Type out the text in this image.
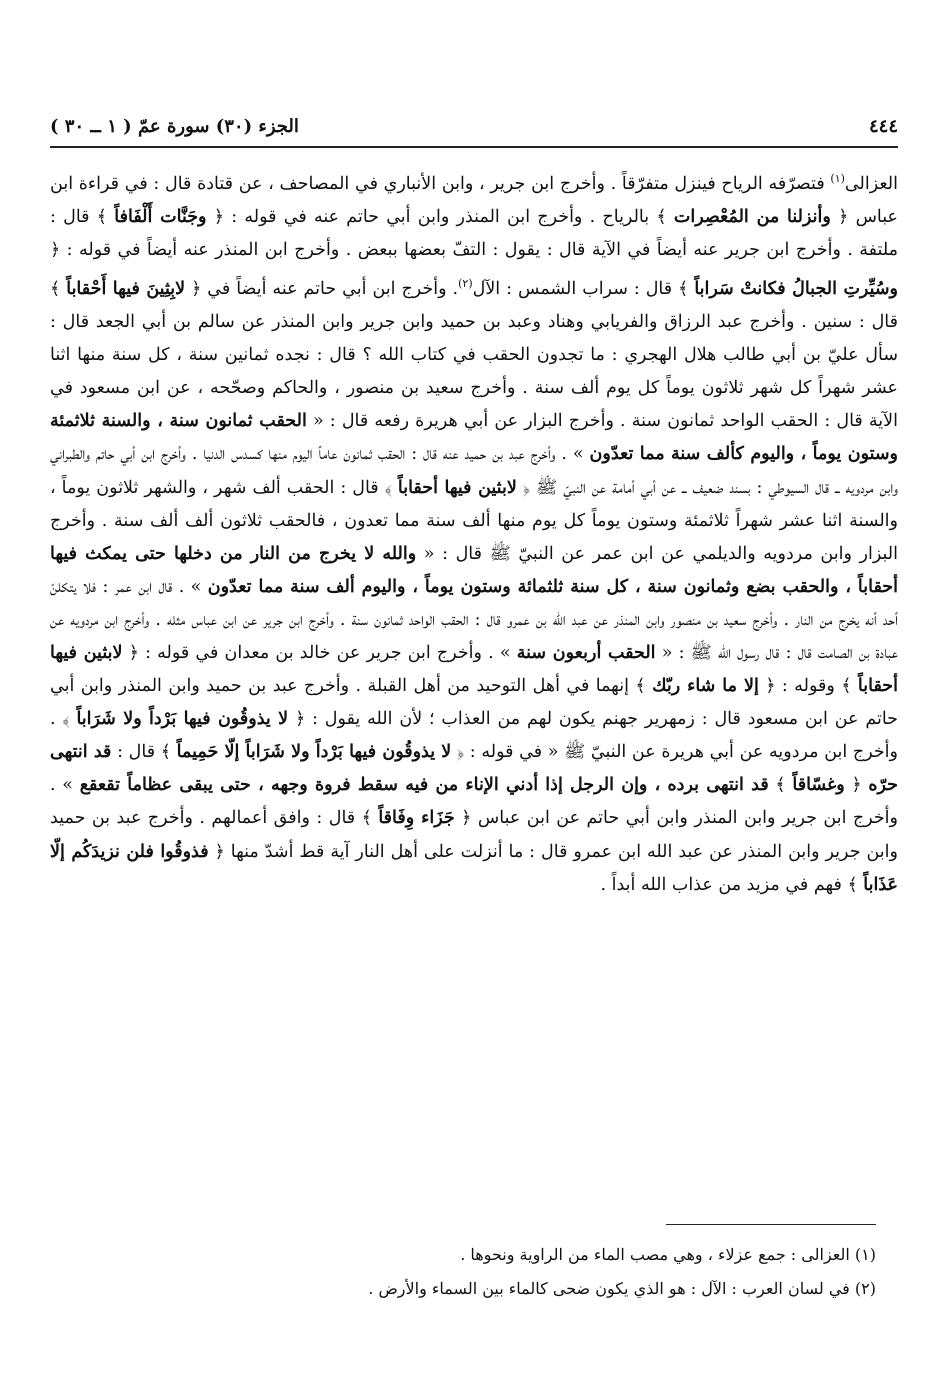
٤٤٤
الجزء (٣٠) سورة عمّ ( ١ ــ ٣٠ )
العزالى$^{(١)}$ فتصرّفه الرياح فينزل متفرّقاً . وأخرج ابن جرير ، وابن الأنباري في المصاحف ، عن قتادة قال : في قراءة ابن عباس ﴿ وأنزلنا من المُعْصِرات ﴾ بالرياح . وأخرج ابن المنذر وابن أبي حاتم عنه في قوله : ﴿ وجَنَّات أَلْفَافاً ﴾ قال : ملتفة . وأخرج ابن جرير عنه أيضاً في الآية قال : يقول : التفّ بعضها ببعض . وأخرج ابن المنذر عنه أيضاً في قوله : ﴿ وسُيِّرتِ الجبالُ فكانتْ سَراباً ﴾ قال : سراب الشمس : الآل$^{(٢)}$. وأخرج ابن أبي حاتم عنه أيضاً في ﴿ لابِثِينَ فيها أَحْقاباً ﴾ قال : سنين . وأخرج عبد الرزاق والفريابي وهناد وعبد بن حميد وابن جرير وابن المنذر عن سالم بن أبي الجعد قال : سأل عليّ بن أبي طالب هلال الهجري : ما تجدون الحقب في كتاب الله ؟ قال : نجده ثمانين سنة ، كل سنة منها اثنا عشر شهراً كل شهر ثلاثون يوماً كل يوم ألف سنة . وأخرج سعيد بن منصور ، والحاكم وصحّحه ، عن ابن مسعود في الآية قال : الحقب الواحد ثمانون سنة . وأخرج البزار عن أبي هريرة رفعه قال : « الحقب ثمانون سنة ، والسنة ثلاثمئة وستون يوماً ، واليوم كألف سنة مما تعدّون » . وأخرج عبد بن حميد عنه قال : الحقب ثمانون عاماً اليوم منها كسدس الدنيا . وأخرج ابن أبي حاتم والطبراني وابن مردويه ــ قال السيوطي : بسند ضعيف ــ عن أبي أمامة عن النبيّ ﷺ ﴿ لابثين فيها أحقاباً ﴾ قال : الحقب ألف شهر ، والشهر ثلاثون يوماً ، والسنة اثنا عشر شهراً ثلاثمئة وستون يوماً كل يوم منها ألف سنة مما تعدون ، فالحقب ثلاثون ألف ألف سنة . وأخرج البزار وابن مردويه والديلمي عن ابن عمر عن النبيّ ﷺ قال : « والله لا يخرج من النار من دخلها حتى يمكث فيها أحقاباً ، والحقب بضع وثمانون سنة ، كل سنة ثلثمائة وستون يوماً ، واليوم ألف سنة مما تعدّون » . قال ابن عمر : فلا يتكلنّ أحد أنه يخرج من النار . وأخرج سعيد بن منصور وابن المنذر عن عبد الله بن عمرو قال : الحقب الواحد ثمانون سنة . وأخرج ابن جرير عن ابن عباس مثله . وأخرج ابن مردويه عن عبادة بن الصامت قال : قال رسول الله ﷺ : « الحقب أربعون سنة » . وأخرج ابن جرير عن خالد بن معدان في قوله : ﴿ لابثين فيها أحقاباً ﴾ وقوله : ﴿ إلا ما شاء ربّك ﴾ إنهما في أهل التوحيد من أهل القبلة . وأخرج عبد بن حميد وابن المنذر وابن أبي حاتم عن ابن مسعود قال : زمهرير جهنم يكون لهم من العذاب ؛ لأن الله يقول : ﴿ لا يذوقُون فيها بَرْداً ولا شَرَاباً ﴾ . وأخرج ابن مردويه عن أبي هريرة عن النبيّ ﷺ « في قوله : ﴿ لا يذوقُون فيها بَرْداً ولا شَرَاباً إلّا حَمِيماً ﴾ قال : قد انتهى حرّه ﴿ وغسّاقاً ﴾ قد انتهى برده ، وإن الرجل إذا أدني الإناء من فيه سقط فروة وجهه ، حتى يبقى عظاماً تقعقع » . وأخرج ابن جرير وابن المنذر وابن أبي حاتم عن ابن عباس ﴿ جَزَاء وِفَاقاً ﴾ قال : وافق أعمالهم . وأخرج عبد بن حميد وابن جرير وابن المنذر عن عبد الله ابن عمرو قال : ما أنزلت على أهل النار آية قط أشدّ منها ﴿ فذوقُوا فلن نزيدَكُم إلّا عَذَاباً ﴾ فهم في مزيد من عذاب الله أبداً .
(١) العزالى : جمع عزلاء ، وهي مصب الماء من الراوية ونحوها .
(٢) في لسان العرب : الآل : هو الذي يكون ضحى كالماء بين السماء والأرض .
